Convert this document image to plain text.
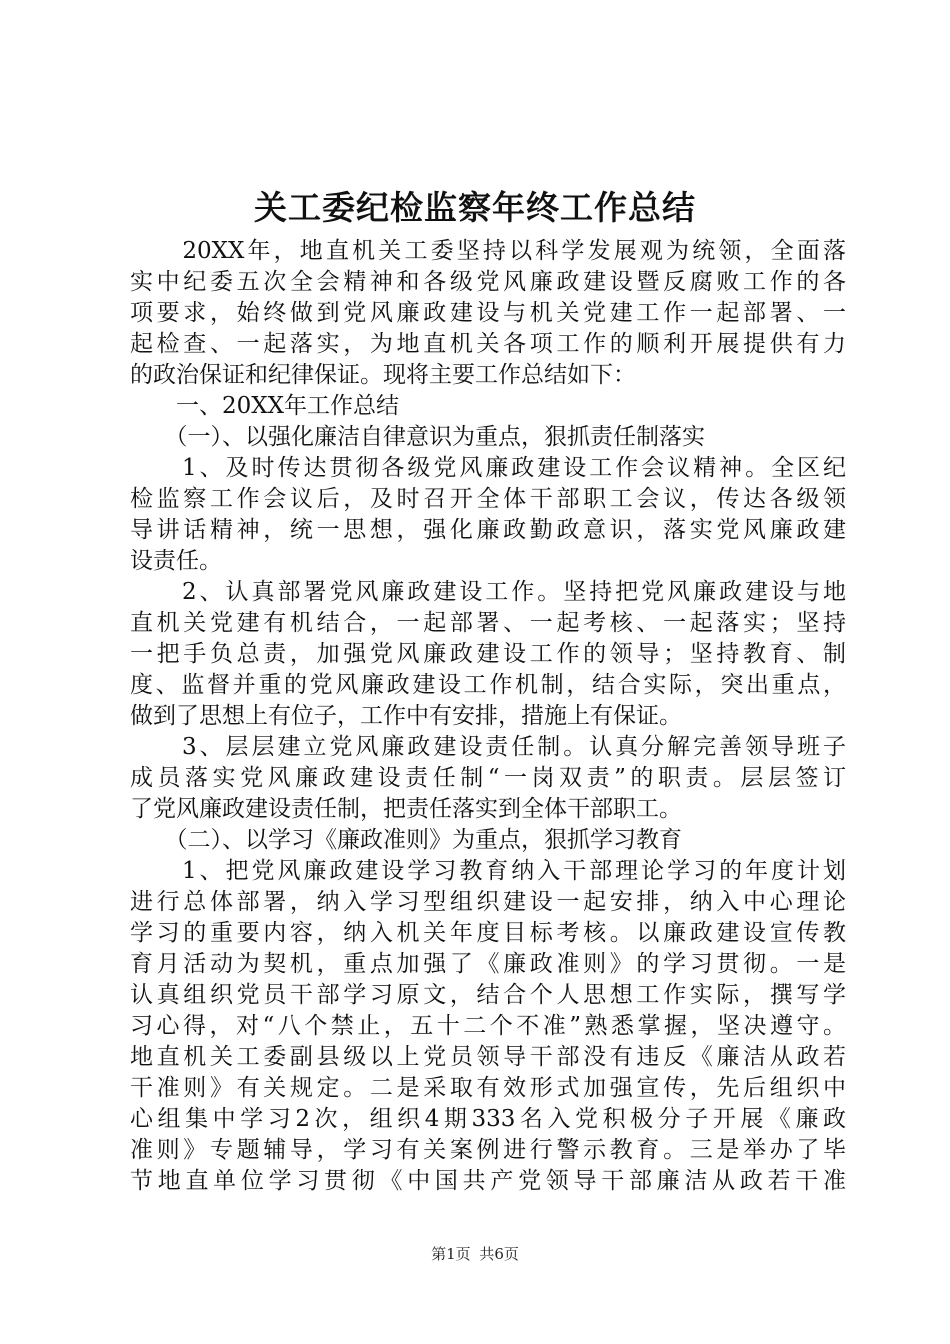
关工委纪检监察年终工作总结
　　20XX年，地直机关工委坚持以科学发展观为统领，全面落
实中纪委五次全会精神和各级党风廉政建设暨反腐败工作的各
项要求，始终做到党风廉政建设与机关党建工作一起部署、一
起检查、一起落实，为地直机关各项工作的顺利开展提供有力
的政治保证和纪律保证。现将主要工作总结如下：
　　一、20XX年工作总结
　　（一）、以强化廉洁自律意识为重点，狠抓责任制落实
　　1、及时传达贯彻各级党风廉政建设工作会议精神。全区纪
检监察工作会议后，及时召开全体干部职工会议，传达各级领
导讲话精神，统一思想，强化廉政勤政意识，落实党风廉政建
设责任。
　　2、认真部署党风廉政建设工作。坚持把党风廉政建设与地
直机关党建有机结合，一起部署、一起考核、一起落实；坚持
一把手负总责，加强党风廉政建设工作的领导；坚持教育、制
度、监督并重的党风廉政建设工作机制，结合实际，突出重点，
做到了思想上有位子，工作中有安排，措施上有保证。
　　3、层层建立党风廉政建设责任制。认真分解完善领导班子
成员落实党风廉政建设责任制“一岗双责”的职责。层层签订
了党风廉政建设责任制，把责任落实到全体干部职工。
　　（二）、以学习《廉政准则》为重点，狠抓学习教育
　　1、把党风廉政建设学习教育纳入干部理论学习的年度计划
进行总体部署，纳入学习型组织建设一起安排，纳入中心理论
学习的重要内容，纳入机关年度目标考核。以廉政建设宣传教
育月活动为契机，重点加强了《廉政准则》的学习贯彻。一是
认真组织党员干部学习原文，结合个人思想工作实际，撰写学
习心得，对“八个禁止，五十二个不准”熟悉掌握，坚决遵守。
地直机关工委副县级以上党员领导干部没有违反《廉洁从政若
干准则》有关规定。二是采取有效形式加强宣传，先后组织中
心组集中学习2次，组织4期333名入党积极分子开展《廉政
准则》专题辅导，学习有关案例进行警示教育。三是举办了毕
节地直单位学习贯彻《中国共产党领导干部廉洁从政若干准
第1页 共6页
